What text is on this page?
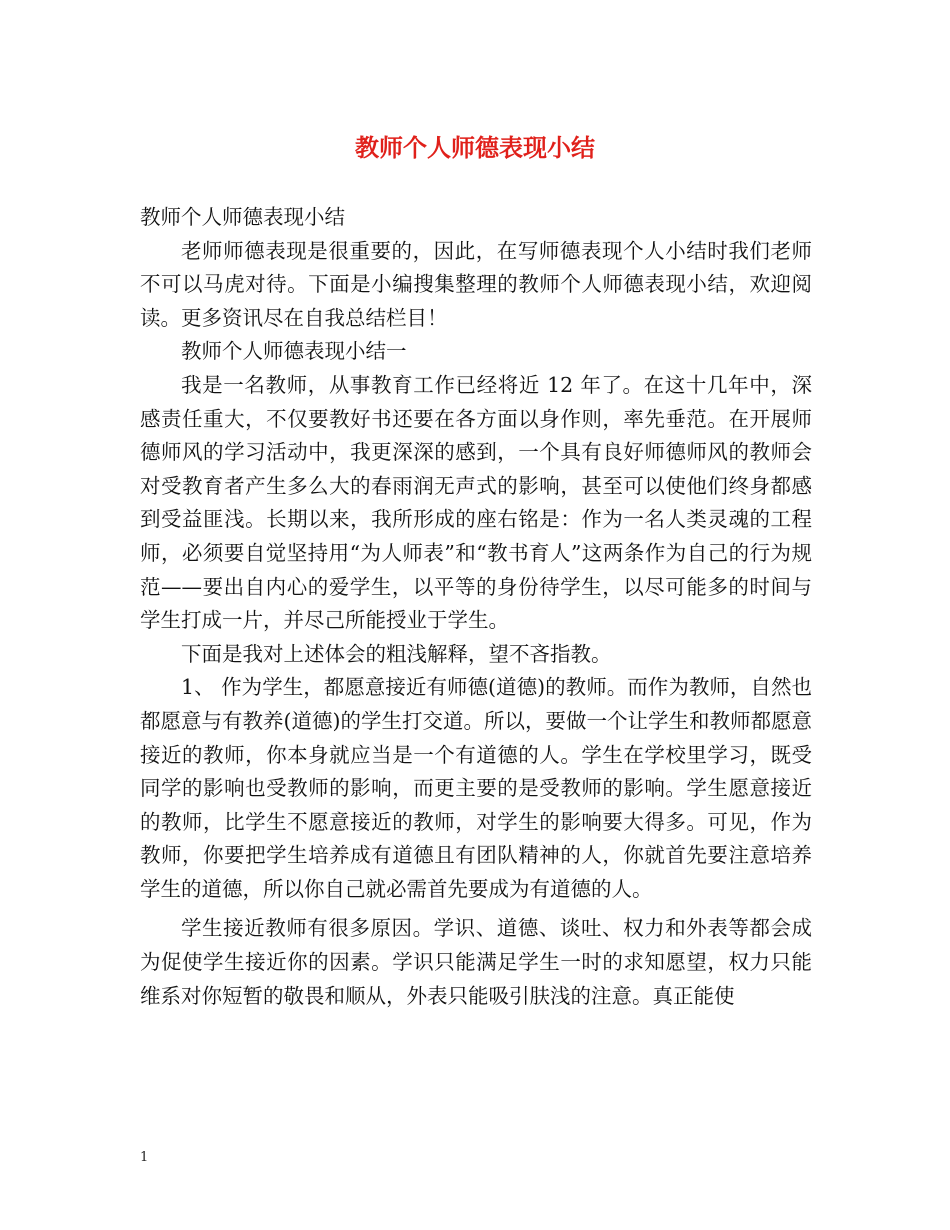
教师个人师德表现小结

教师个人师德表现小结

老师师德表现是很重要的，因此，在写师德表现个人小结时我们老师不可以马虎对待。下面是小编搜集整理的教师个人师德表现小结，欢迎阅读。更多资讯尽在自我总结栏目！

教师个人师德表现小结一

我是一名教师，从事教育工作已经将近 12 年了。在这十几年中，深感责任重大，不仅要教好书还要在各方面以身作则，率先垂范。在开展师德师风的学习活动中，我更深深的感到，一个具有良好师德师风的教师会对受教育者产生多么大的春雨润无声式的影响，甚至可以使他们终身都感到受益匪浅。长期以来，我所形成的座右铭是：作为一名人类灵魂的工程师，必须要自觉坚持用“为人师表”和“教书育人”这两条作为自己的行为规范——要出自内心的爱学生，以平等的身份待学生，以尽可能多的时间与学生打成一片，并尽己所能授业于学生。

下面是我对上述体会的粗浅解释，望不吝指教。

1、 作为学生，都愿意接近有师德(道德)的教师。而作为教师，自然也都愿意与有教养(道德)的学生打交道。所以，要做一个让学生和教师都愿意接近的教师，你本身就应当是一个有道德的人。学生在学校里学习，既受同学的影响也受教师的影响，而更主要的是受教师的影响。学生愿意接近的教师，比学生不愿意接近的教师，对学生的影响要大得多。可见，作为教师，你要把学生培养成有道德且有团队精神的人，你就首先要注意培养学生的道德，所以你自己就必需首先要成为有道德的人。

学生接近教师有很多原因。学识、道德、谈吐、权力和外表等都会成为促使学生接近你的因素。学识只能满足学生一时的求知愿望，权力只能维系对你短暂的敬畏和顺从，外表只能吸引肤浅的注意。真正能使

1
